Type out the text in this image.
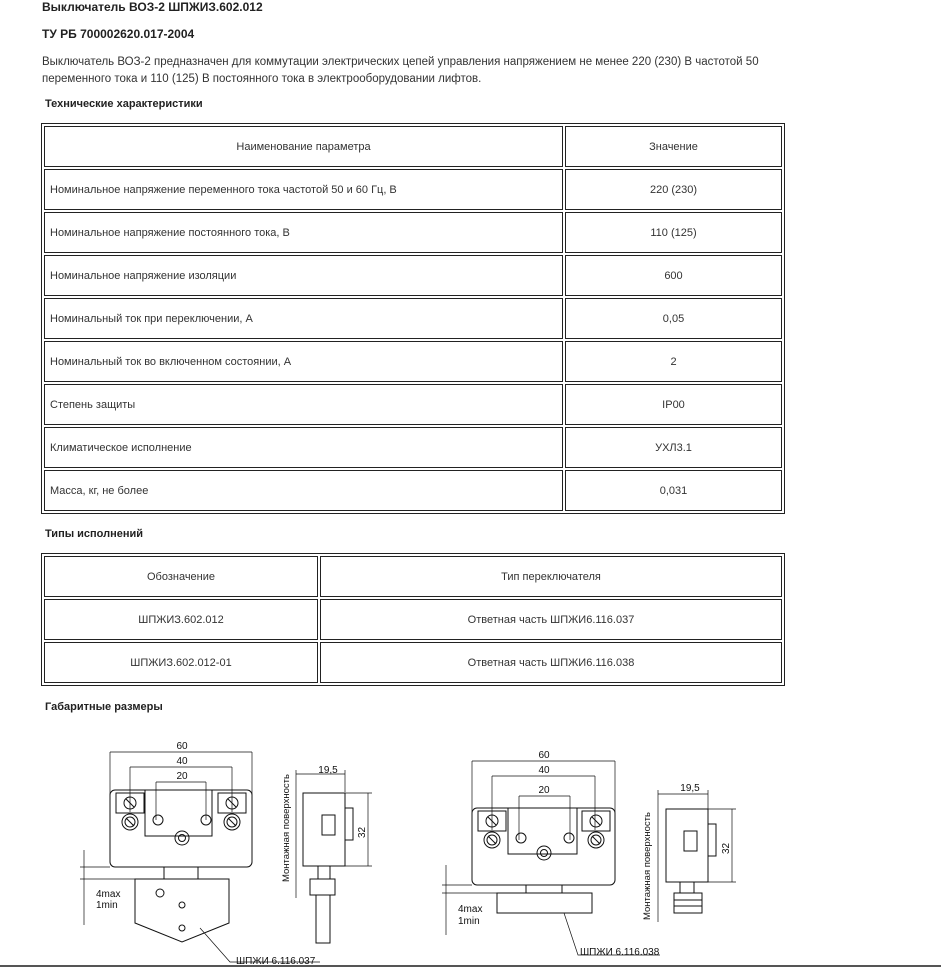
Выключатель ВОЗ-2 ШПЖИЗ.602.012
ТУ РБ 700002620.017-2004
Выключатель ВОЗ-2 предназначен для коммутации электрических цепей управления напряжением не менее 220 (230) В частотой 50 переменного тока и 110 (125) В постоянного тока в электрооборудовании лифтов.
Технические характеристики
Наименование параметра	Значение
Номинальное напряжение переменного тока частотой 50 и 60 Гц, В	220 (230)
Номинальное напряжение постоянного тока, В	110 (125)
Номинальное напряжение изоляции	600
Номинальный ток при переключении, А	0,05
Номинальный ток во включенном состоянии, А	2
Степень защиты	IP00
Климатическое исполнение	УХЛ3.1
Масса, кг, не более	0,031
Типы исполнений
Обозначение	Тип переключателя
ШПЖИЗ.602.012	Ответная часть ШПЖИ6.116.037
ШПЖИЗ.602.012-01	Ответная часть ШПЖИ6.116.038
Габаритные размеры
60
40
20
4max
1min
ШПЖИ 6.116.037
Монтажная поверхность
19,5
32
60
40
20
4max
1min
ШПЖИ 6.116.038
Монтажная поверхность
19,5
32
